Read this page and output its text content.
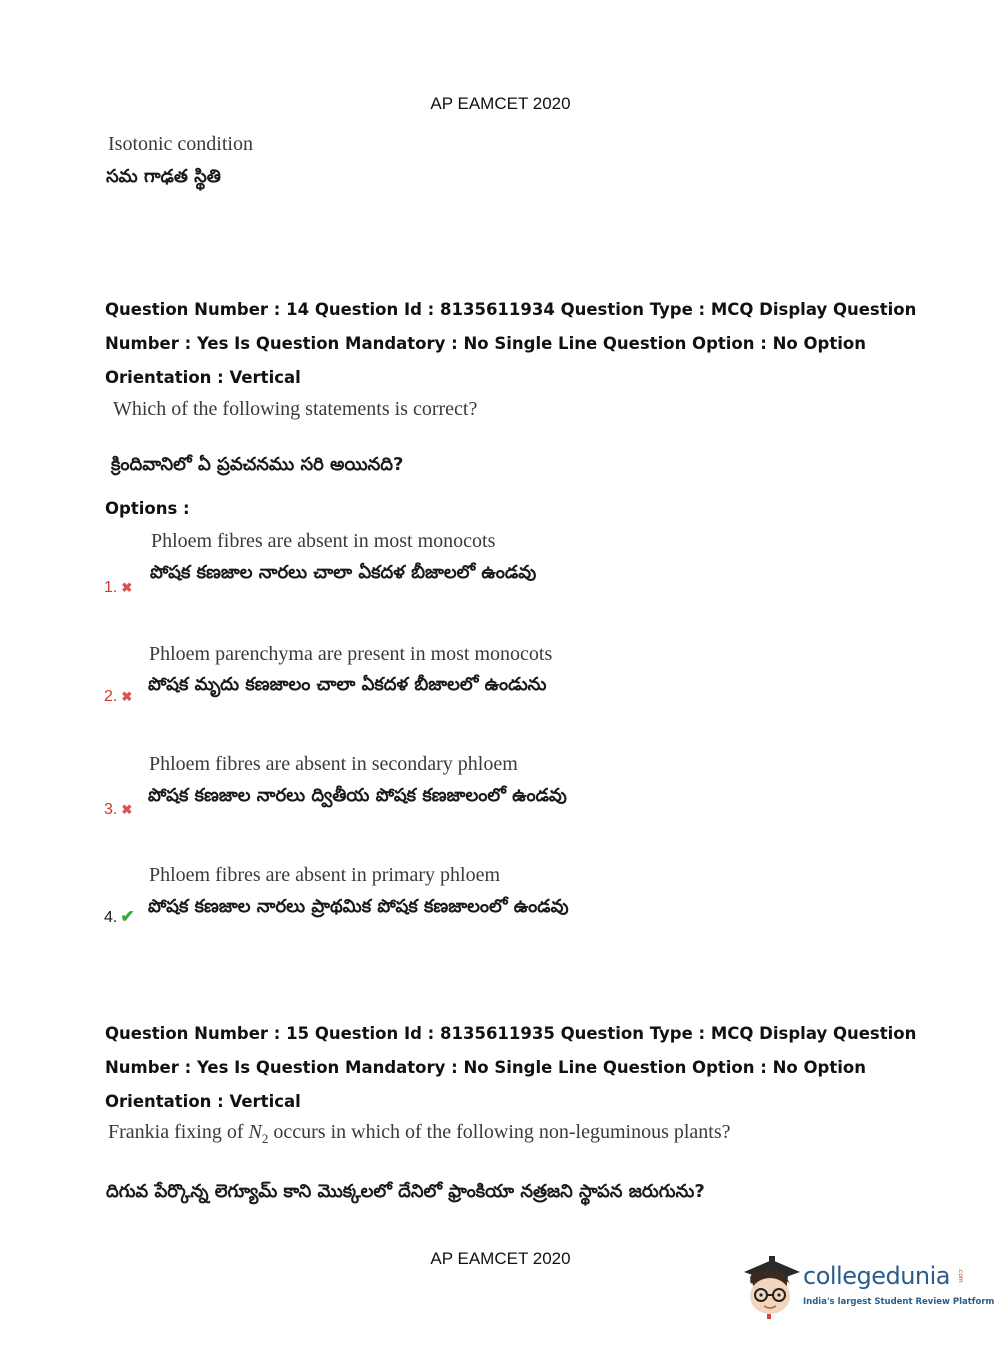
AP EAMCET 2020
Isotonic condition
సమ గాఢత స్థితి
Question Number : 14 Question Id : 8135611934 Question Type : MCQ Display Question
Number : Yes Is Question Mandatory : No Single Line Question Option : No Option
Orientation : Vertical
Which of the following statements is correct?
క్రిందివానిలో ఏ ప్రవచనము సరి అయినది?
Options :
Phloem fibres are absent in most monocots
పోషక కణజాల నారలు చాలా ఏకదళ బీజాలలో ఉండవు
1. ✖
Phloem parenchyma are present in most monocots
పోషక మృదు కణజాలం చాలా ఏకదళ బీజాలలో ఉండును
2. ✖
Phloem fibres are absent in secondary phloem
పోషక కణజాల నారలు ద్వితీయ పోషక కణజాలంలో ఉండవు
3. ✖
Phloem fibres are absent in primary phloem
పోషక కణజాల నారలు ప్రాథమిక పోషక కణజాలంలో ఉండవు
4. ✔
Question Number : 15 Question Id : 8135611935 Question Type : MCQ Display Question
Number : Yes Is Question Mandatory : No Single Line Question Option : No Option
Orientation : Vertical
Frankia fixing of $N_2$ occurs in which of the following non-leguminous plants?
దిగువ పేర్కొన్న లెగ్యూమ్ కాని మొక్కలలో దేనిలో ఫ్రాంకియా నత్రజని స్థాపన జరుగును?
AP EAMCET 2020
collegedunia .com
India's largest Student Review Platform
